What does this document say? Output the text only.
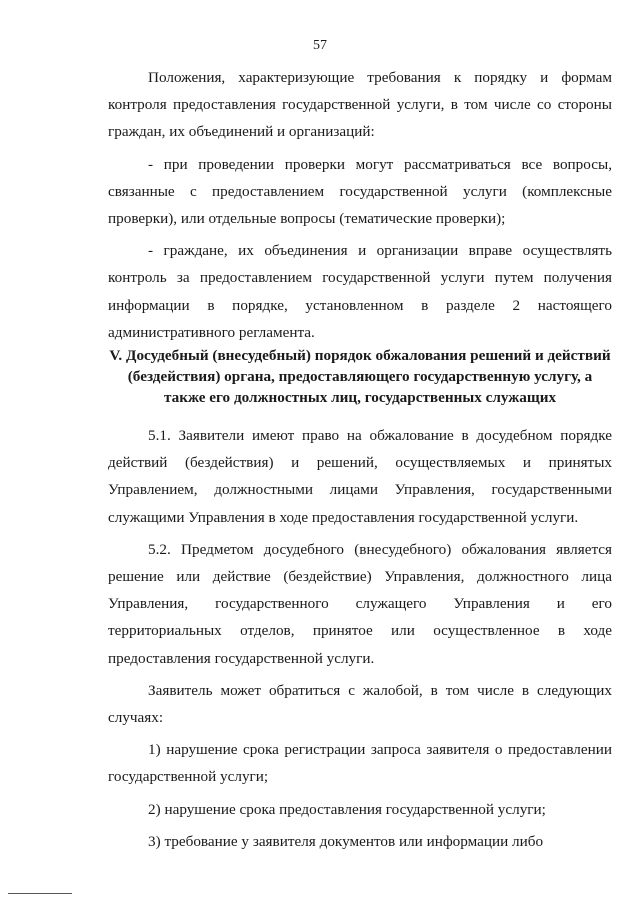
57

Положения, характеризующие требования к порядку и формам контроля предоставления государственной услуги, в том числе со стороны граждан, их объединений и организаций:

- при проведении проверки могут рассматриваться все вопросы, связанные с предоставлением государственной услуги (комплексные проверки), или отдельные вопросы (тематические проверки);

- граждане, их объединения и организации вправе осуществлять контроль за предоставлением государственной услуги путем получения информации в порядке, установленном в разделе 2 настоящего административного регламента.

V. Досудебный (внесудебный) порядок обжалования решений и действий (бездействия) органа, предоставляющего государственную услугу, а также его должностных лиц, государственных служащих

5.1. Заявители имеют право на обжалование в досудебном порядке действий (бездействия) и решений, осуществляемых и принятых Управлением, должностными лицами Управления, государственными служащими Управления в ходе предоставления государственной услуги.

5.2. Предметом досудебного (внесудебного) обжалования является решение или действие (бездействие) Управления, должностного лица Управления, государственного служащего Управления и его территориальных отделов, принятое или осуществленное в ходе предоставления государственной услуги.

Заявитель может обратиться с жалобой, в том числе в следующих случаях:

1) нарушение срока регистрации запроса заявителя о предоставлении государственной услуги;

2) нарушение срока предоставления государственной услуги;

3) требование у заявителя документов или информации либо
